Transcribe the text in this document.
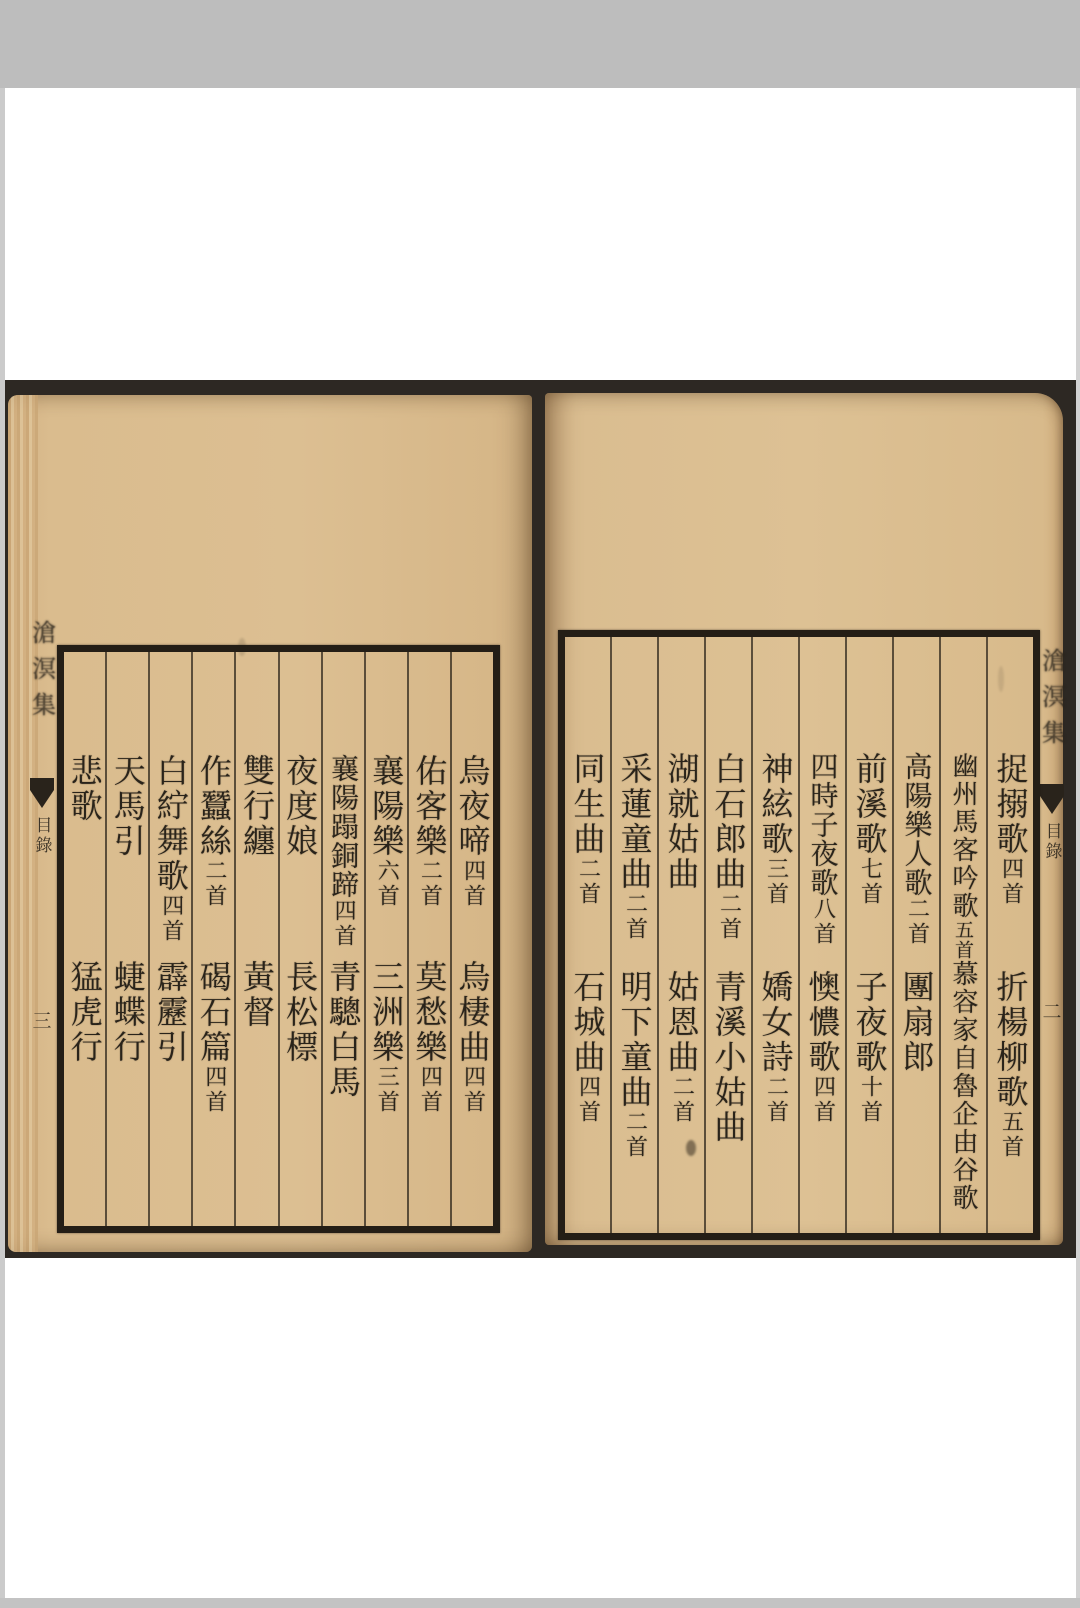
滄溟集
目錄
三
烏夜啼四首
烏棲曲四首
佑客樂二首
莫愁樂四首
襄陽樂六首
三洲樂三首
襄陽蹋銅蹄四首
青驄白馬
夜度娘
長松標
雙行纏
黃督
作蠶絲二首
碣石篇四首
白紵舞歌四首
霹靂引
天馬引
蜨蝶行
悲歌
猛虎行
滄溟集
目錄
二
捉搦歌四首
折楊柳歌五首
幽州馬客吟歌五首慕容家自魯企由谷歌
高陽樂人歌二首
團扇郎
前溪歌七首
子夜歌十首
四時子夜歌八首
懊憹歌四首
神絃歌三首
嬌女詩二首
白石郎曲二首
青溪小姑曲
湖就姑曲
姑恩曲二首
采蓮童曲二首
明下童曲二首
同生曲二首
石城曲四首
